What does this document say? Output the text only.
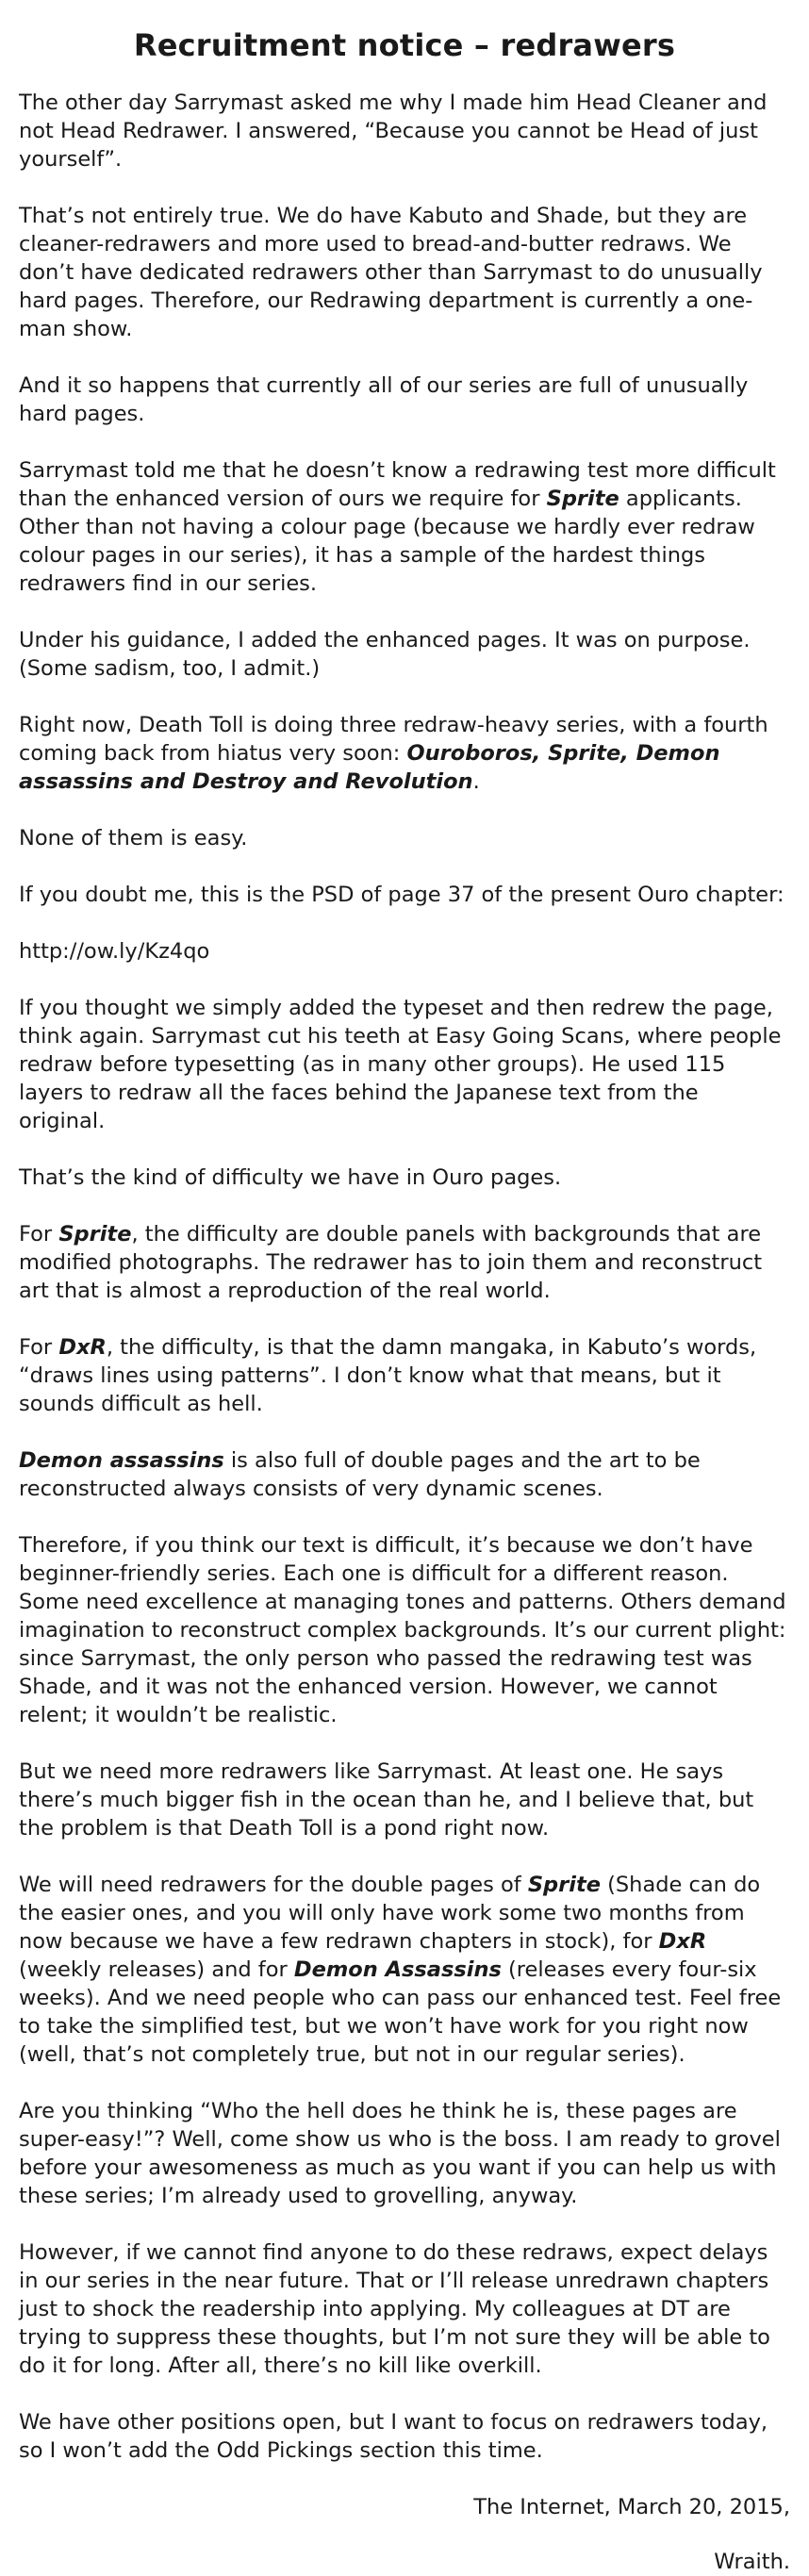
Recruitment notice – redrawers

The other day Sarrymast asked me why I made him Head Cleaner and not Head Redrawer. I answered, “Because you cannot be Head of just yourself”.

That’s not entirely true. We do have Kabuto and Shade, but they are cleaner-redrawers and more used to bread-and-butter redraws. We don’t have dedicated redrawers other than Sarrymast to do unusually hard pages. Therefore, our Redrawing department is currently a one-man show.

And it so happens that currently all of our series are full of unusually hard pages.

Sarrymast told me that he doesn’t know a redrawing test more difficult than the enhanced version of ours we require for Sprite applicants. Other than not having a colour page (because we hardly ever redraw colour pages in our series), it has a sample of the hardest things redrawers find in our series.

Under his guidance, I added the enhanced pages. It was on purpose. (Some sadism, too, I admit.)

Right now, Death Toll is doing three redraw-heavy series, with a fourth coming back from hiatus very soon: Ouroboros, Sprite, Demon assassins and Destroy and Revolution.

None of them is easy.

If you doubt me, this is the PSD of page 37 of the present Ouro chapter:

http://ow.ly/Kz4qo

If you thought we simply added the typeset and then redrew the page, think again. Sarrymast cut his teeth at Easy Going Scans, where people redraw before typesetting (as in many other groups). He used 115 layers to redraw all the faces behind the Japanese text from the original.

That’s the kind of difficulty we have in Ouro pages.

For Sprite, the difficulty are double panels with backgrounds that are modified photographs. The redrawer has to join them and reconstruct art that is almost a reproduction of the real world.

For DxR, the difficulty, is that the damn mangaka, in Kabuto’s words, “draws lines using patterns”. I don’t know what that means, but it sounds difficult as hell.

Demon assassins is also full of double pages and the art to be reconstructed always consists of very dynamic scenes.

Therefore, if you think our text is difficult, it’s because we don’t have beginner-friendly series. Each one is difficult for a different reason. Some need excellence at managing tones and patterns. Others demand imagination to reconstruct complex backgrounds. It’s our current plight: since Sarrymast, the only person who passed the redrawing test was Shade, and it was not the enhanced version. However, we cannot relent; it wouldn’t be realistic.

But we need more redrawers like Sarrymast. At least one. He says there’s much bigger fish in the ocean than he, and I believe that, but the problem is that Death Toll is a pond right now.

We will need redrawers for the double pages of Sprite (Shade can do the easier ones, and you will only have work some two months from now because we have a few redrawn chapters in stock), for DxR (weekly releases) and for Demon Assassins (releases every four-six weeks). And we need people who can pass our enhanced test. Feel free to take the simplified test, but we won’t have work for you right now (well, that’s not completely true, but not in our regular series).

Are you thinking “Who the hell does he think he is, these pages are super-easy!”? Well, come show us who is the boss. I am ready to grovel before your awesomeness as much as you want if you can help us with these series; I’m already used to grovelling, anyway.

However, if we cannot find anyone to do these redraws, expect delays in our series in the near future. That or I’ll release unredrawn chapters just to shock the readership into applying. My colleagues at DT are trying to suppress these thoughts, but I’m not sure they will be able to do it for long. After all, there’s no kill like overkill.

We have other positions open, but I want to focus on redrawers today, so I won’t add the Odd Pickings section this time.

The Internet, March 20, 2015,

Wraith.
